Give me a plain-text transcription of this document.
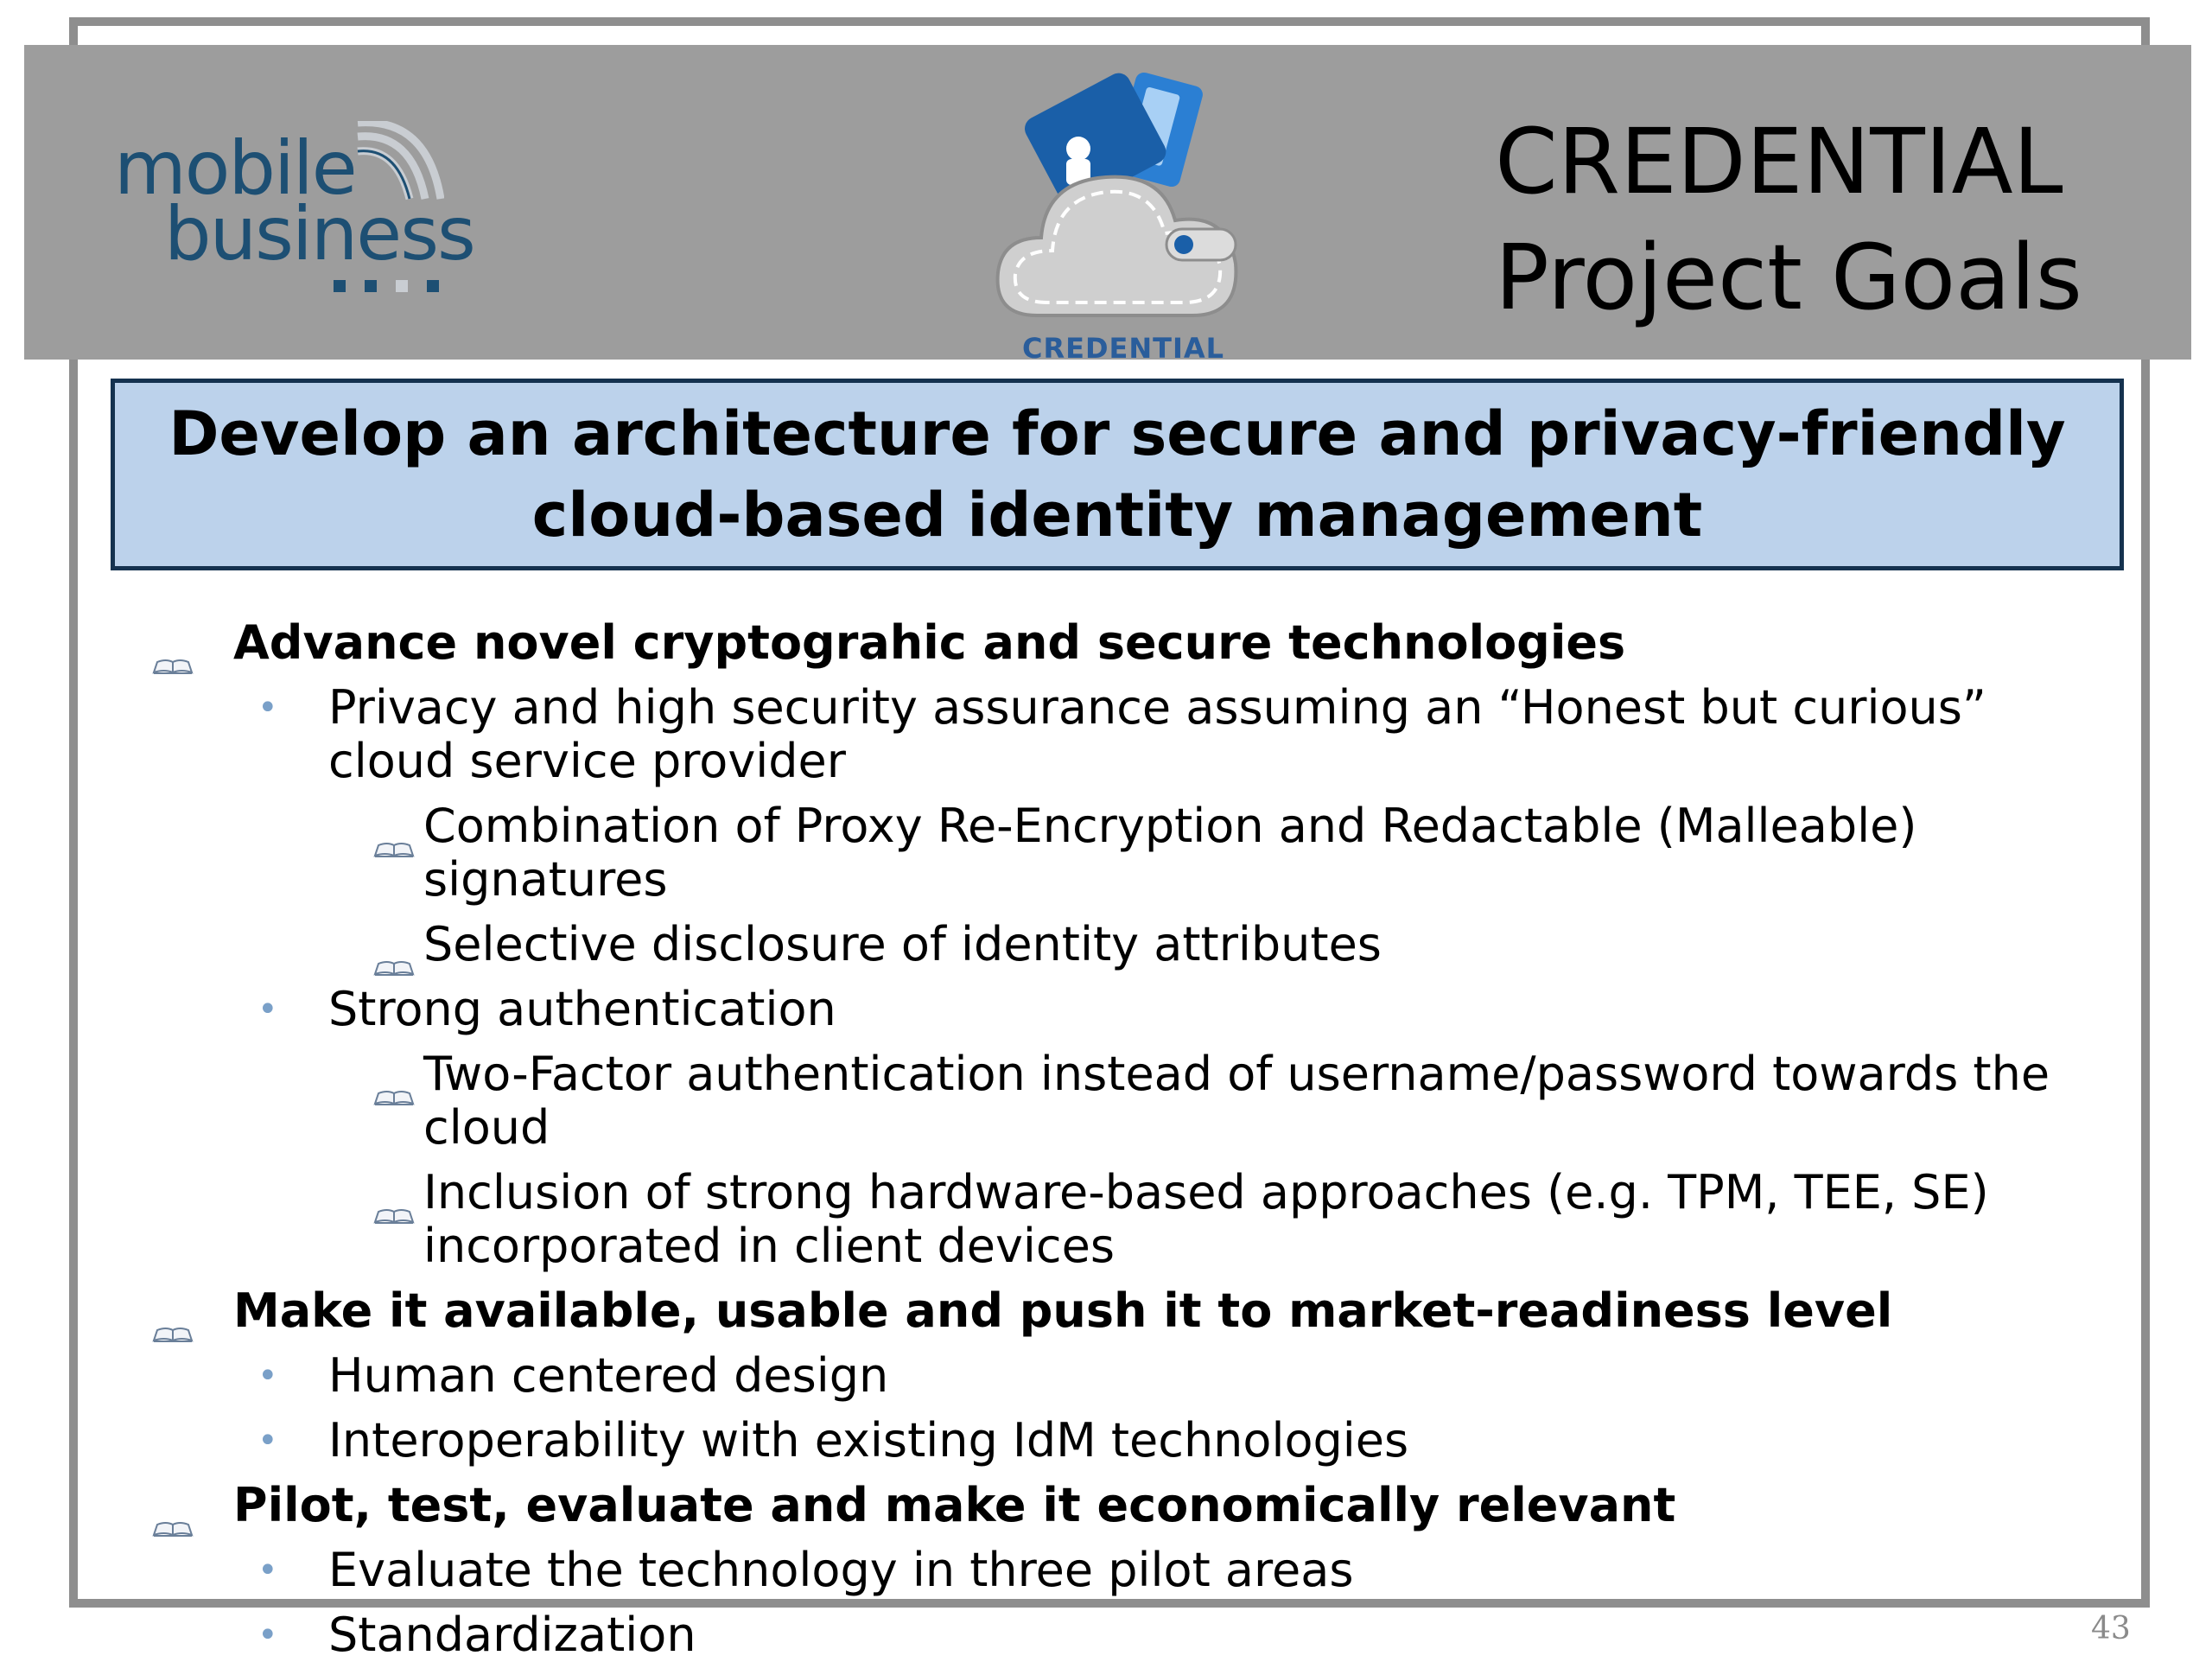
mobile
business
CREDENTIAL
CREDENTIAL
Project Goals
Develop an architecture for secure and privacy-friendly cloud-based identity management
Advance novel cryptograhic and secure technologies
• Privacy and high security assurance assuming an “Honest but curious” cloud service provider
Combination of Proxy Re-Encryption and Redactable (Malleable) signatures
Selective disclosure of identity attributes
• Strong authentication
Two-Factor authentication instead of username/password towards the cloud
Inclusion of strong hardware-based approaches (e.g. TPM, TEE, SE) incorporated in client devices
Make it available, usable and push it to market-readiness level
• Human centered design
• Interoperability with existing IdM technologies
Pilot, test, evaluate and make it economically relevant
• Evaluate the technology in three pilot areas
• Standardization	43
